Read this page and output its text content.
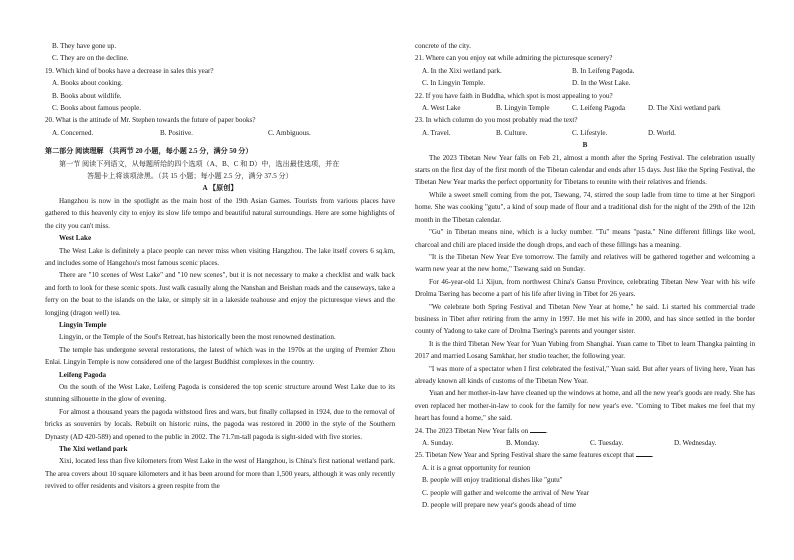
B. They have gone up.

C. They are on the decline.

19. Which kind of books have a decrease in sales this year?

A. Books about cooking.

B. Books about wildlife.

C. Books about famous people.

20. What is the attitude of Mr. Stephen towards the future of paper books?

A. Concerned.	B. Positive.	C. Ambiguous.

第二部分 阅读理解 （共两节 20 小题，每小题 2.5 分，满分 50 分）

第一节 阅读下列语文，从每题所给的四个选项（A、B、C 和 D）中，选出最佳选项，并在

答题卡上将该项涂黑。（共 15 小题；每小题 2.5 分，满分 37.5 分）

A 【原创】

Hangzhou is now in the spotlight as the main host of the 19th Asian Games. Tourists from various places have gathered to this heavenly city to enjoy its slow life tempo and beautiful natural surroundings. Here are some highlights of the city you can't miss.

West Lake

The West Lake is definitely a place people can never miss when visiting Hangzhou. The lake itself covers 6 sq.km, and includes some of Hangzhou's most famous scenic places.

There are "10 scenes of West Lake" and "10 new scenes", but it is not necessary to make a checklist and walk back and forth to look for these scenic spots. Just walk casually along the Nanshan and Beishan roads and the causeways, take a ferry on the boat to the islands on the lake, or simply sit in a lakeside teahouse and enjoy the picturesque views and the longjing (dragon well) tea.

Lingyin Temple

Lingyin, or the Temple of the Soul's Retreat, has historically been the most renowned destination.

The temple has undergone several restorations, the latest of which was in the 1970s at the urging of Premier Zhou Enlai. Lingyin Temple is now considered one of the largest Buddhist complexes in the country.

Leifeng Pagoda

On the south of the West Lake, Leifeng Pagoda is considered the top scenic structure around West Lake due to its stunning silhouette in the glow of evening.

For almost a thousand years the pagoda withstood fires and wars, but finally collapsed in 1924, due to the removal of bricks as souvenirs by locals. Rebuilt on historic ruins, the pagoda was restored in 2000 in the style of the Southern Dynasty (AD 420-589) and opened to the public in 2002. The 71.7m-tall pagoda is sight-sided with five stories.

The Xixi wetland park

Xixi, located less than five kilometers from West Lake in the west of Hangzhou, is China's first national wetland park. The area covers about 10 square kilometers and it has been around for more than 1,500 years, although it was only recently revived to offer residents and visitors a green respite from the

concrete of the city.

21. Where can you enjoy eat while admiring the picturesque scenery?

A. In the Xixi wetland park.	B. In Leifeng Pagoda.
C. In Lingyin Temple.	D. In the West Lake.

22. If you have faith in Buddha, which spot is most appealing to you?

A. West Lake	B. Lingyin Temple	C. Leifeng Pagoda	D. The Xixi wetland park

23. In which column do you most probably read the text?

A. Travel.	B. Culture.	C. Lifestyle.	D. World.

B

The 2023 Tibetan New Year falls on Feb 21, almost a month after the Spring Festival. The celebration usually starts on the first day of the first month of the Tibetan calendar and ends after 15 days. Just like the Spring Festival, the Tibetan New Year marks the perfect opportunity for Tibetans to reunite with their relatives and friends.

While a sweet smell coming from the pot, Tsewang, 74, stirred the soup ladle from time to time at her Singpori home. She was cooking "gutu", a kind of soup made of flour and a traditional dish for the night of the 29th of the 12th month in the Tibetan calendar.

"Gu" in Tibetan means nine, which is a lucky number. "Tu" means "pasta." Nine different fillings like wool, charcoal and chili are placed inside the dough drops, and each of these fillings has a meaning.

"It is the Tibetan New Year Eve tomorrow. The family and relatives will be gathered together and welcoming a warm new year at the new home," Tsewang said on Sunday.

For 46-year-old Li Xijun, from northwest China's Gansu Province, celebrating Tibetan New Year with his wife Drolma Tsering has become a part of his life after living in Tibet for 26 years.

"We celebrate both Spring Festival and Tibetan New Year at home," he said. Li started his commercial trade business in Tibet after retiring from the army in 1997. He met his wife in 2000, and has since settled in the border county of Yadong to take care of Drolma Tsering's parents and younger sister.

It is the third Tibetan New Year for Yuan Yubing from Shanghai. Yuan came to Tibet to learn Thangka painting in 2017 and married Losang Samkhar, her studio teacher, the following year.

"I was more of a spectator when I first celebrated the festival," Yuan said. But after years of living here, Yuan has already known all kinds of customs of the Tibetan New Year.

Yuan and her mother-in-law have cleaned up the windows at home, and all the new year's goods are ready. She has even replaced her mother-in-law to cook for the family for new year's eve. "Coming to Tibet makes me feel that my heart has found a home," she said.

24. The 2023 Tibetan New Year falls on	.

A. Sunday.	B. Monday.	C. Tuesday.	D. Wednesday.

25. Tibetan New Year and Spring Festival share the same features except that	.

A. it is a great opportunity for reunion

B. people will enjoy traditional dishes like "gutu"

C. people will gather and welcome the arrival of New Year

D. people will prepare new year's goods ahead of time
